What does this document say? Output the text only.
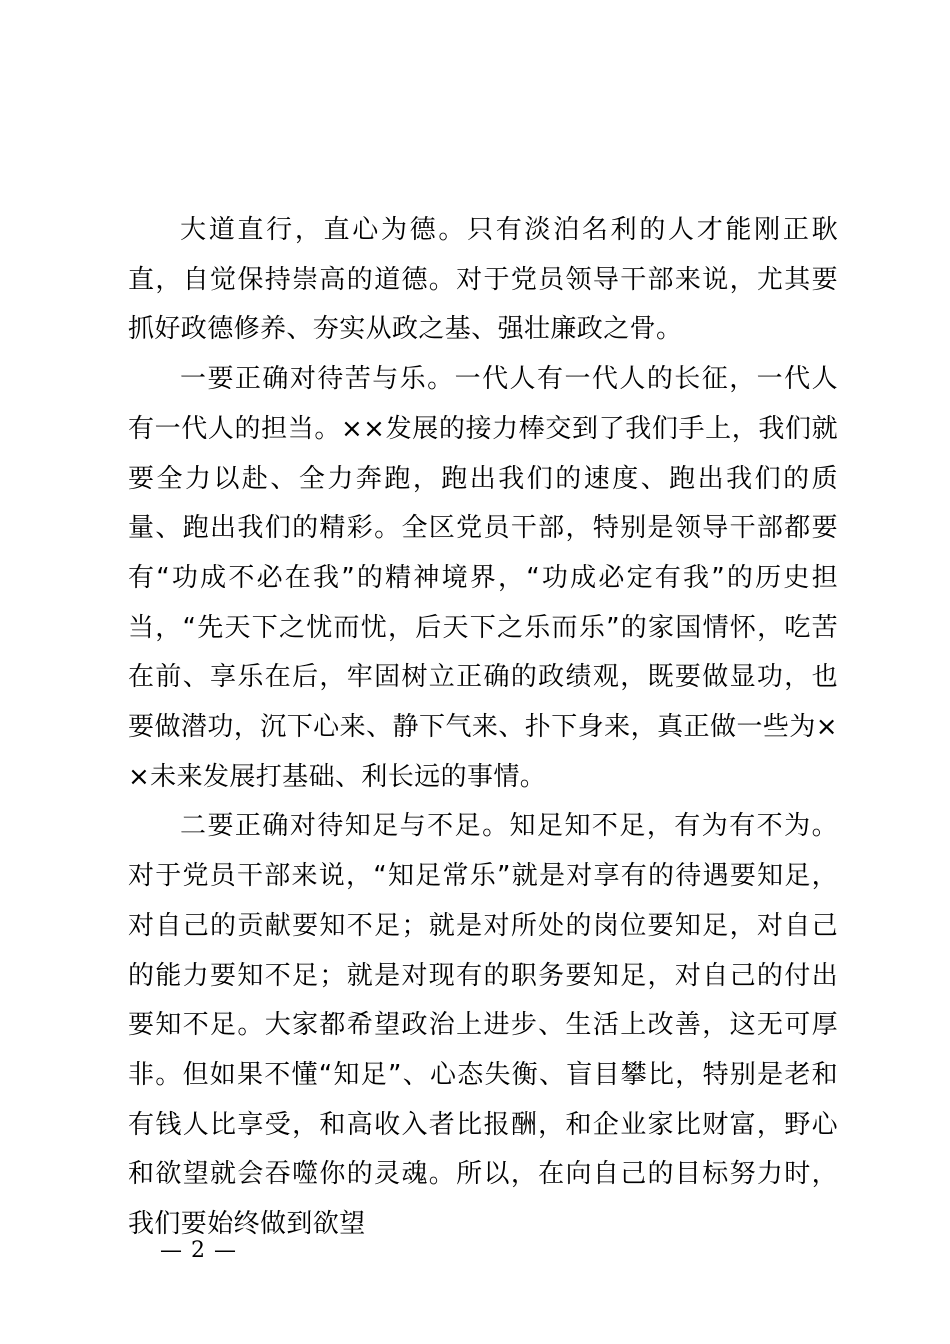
大道直行，直心为德。只有淡泊名利的人才能刚正耿直，自觉保持崇高的道德。对于党员领导干部来说，尤其要抓好政德修养、夯实从政之基、强壮廉政之骨。

一要正确对待苦与乐。一代人有一代人的长征，一代人有一代人的担当。××发展的接力棒交到了我们手上，我们就要全力以赴、全力奔跑，跑出我们的速度、跑出我们的质量、跑出我们的精彩。全区党员干部，特别是领导干部都要有“功成不必在我”的精神境界，“功成必定有我”的历史担当，“先天下之忧而忧，后天下之乐而乐”的家国情怀，吃苦在前、享乐在后，牢固树立正确的政绩观，既要做显功，也要做潜功，沉下心来、静下气来、扑下身来，真正做一些为××未来发展打基础、利长远的事情。

二要正确对待知足与不足。知足知不足，有为有不为。对于党员干部来说，“知足常乐”就是对享有的待遇要知足，对自己的贡献要知不足；就是对所处的岗位要知足，对自己的能力要知不足；就是对现有的职务要知足，对自己的付出要知不足。大家都希望政治上进步、生活上改善，这无可厚非。但如果不懂“知足”、心态失衡、盲目攀比，特别是老和有钱人比享受，和高收入者比报酬，和企业家比财富，野心和欲望就会吞噬你的灵魂。所以，在向自己的目标努力时，我们要始终做到欲望

— 2 —
